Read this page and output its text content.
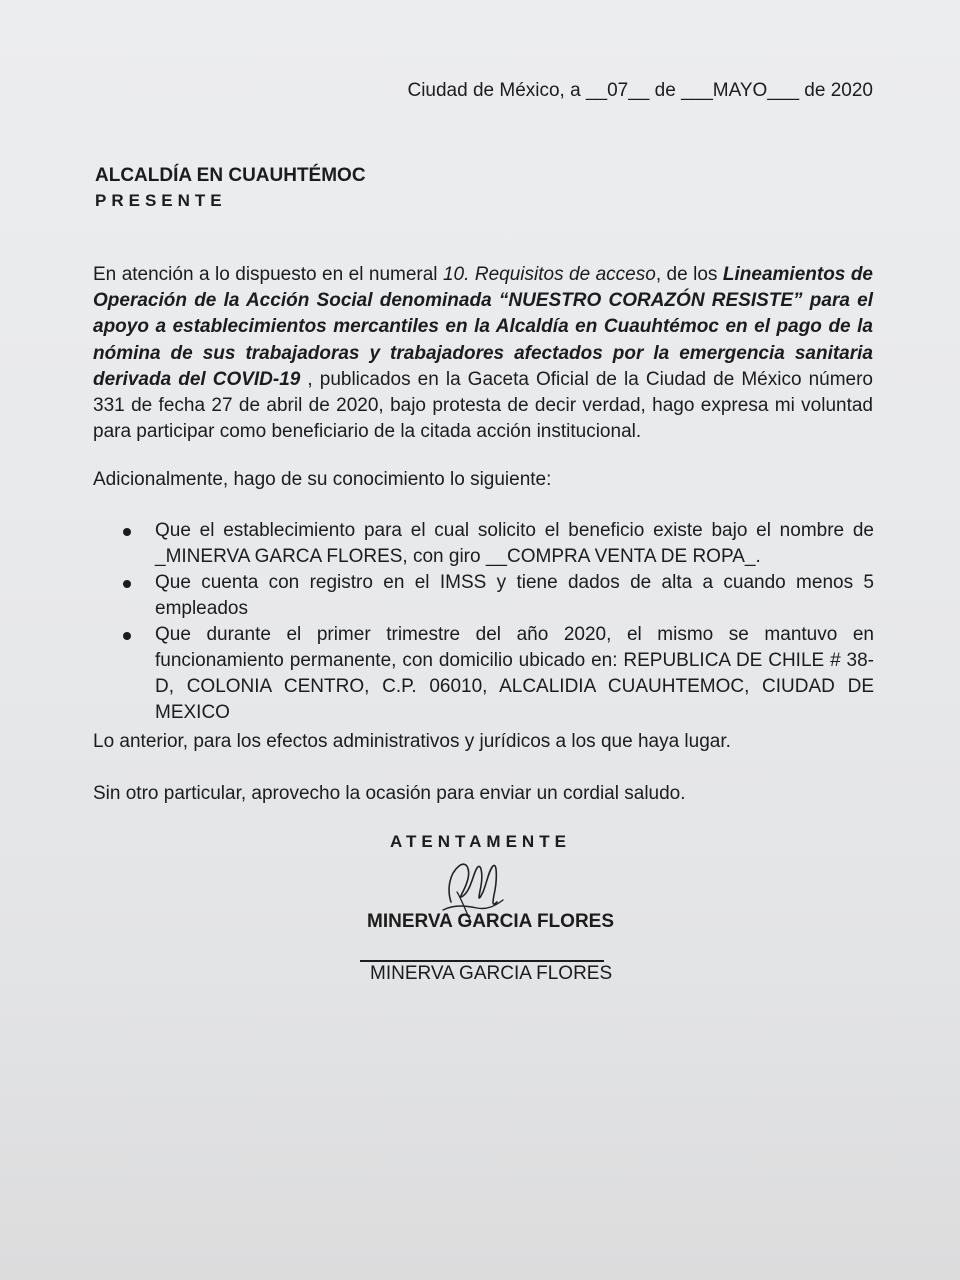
Ciudad de México, a __07__ de ___MAYO___ de 2020
ALCALDÍA EN CUAUHTÉMOC
PRESENTE
En atención a lo dispuesto en el numeral 10. Requisitos de acceso, de los Lineamientos de Operación de la Acción Social denominada “NUESTRO CORAZÓN RESISTE” para el apoyo a establecimientos mercantiles en la Alcaldía en Cuauhtémoc en el pago de la nómina de sus trabajadoras y trabajadores afectados por la emergencia sanitaria derivada del COVID-19 , publicados en la Gaceta Oficial de la Ciudad de México número 331 de fecha 27 de abril de 2020, bajo protesta de decir verdad, hago expresa mi voluntad para participar como beneficiario de la citada acción institucional.
Adicionalmente, hago de su conocimiento lo siguiente:
Que el establecimiento para el cual solicito el beneficio existe bajo el nombre de _MINERVA GARCA FLORES, con giro __COMPRA VENTA DE ROPA_.
Que cuenta con registro en el IMSS y tiene dados de alta a cuando menos 5 empleados
Que durante el primer trimestre del año 2020, el mismo se mantuvo en funcionamiento permanente, con domicilio ubicado en: REPUBLICA DE CHILE # 38-D, COLONIA CENTRO, C.P. 06010, ALCALIDIA CUAUHTEMOC, CIUDAD DE MEXICO
Lo anterior, para los efectos administrativos y jurídicos a los que haya lugar.
Sin otro particular, aprovecho la ocasión para enviar un cordial saludo.
ATENTAMENTE
MINERVA GARCIA FLORES
MINERVA GARCIA FLORES
